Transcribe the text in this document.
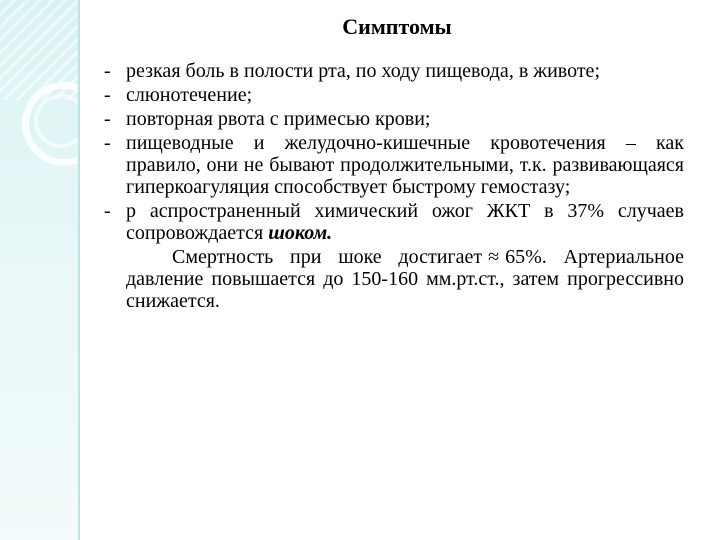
Симптомы
- резкая боль в полости рта, по ходу пищевода, в животе;
- слюнотечение;
- повторная рвота с примесью крови;
- пищеводные и желудочно-кишечные кровотечения – как правило, они не бывают продолжительными, т.к. развивающаяся гиперкоагуляция способствует быстрому гемостазу;
- р аспространенный химический ожог ЖКТ в 37% случаев сопровождается шоком.
Смертность при шоке достигает ≈ 65%. Артериальное давление повышается до 150-160 мм.рт.ст., затем прогрессивно снижается.
